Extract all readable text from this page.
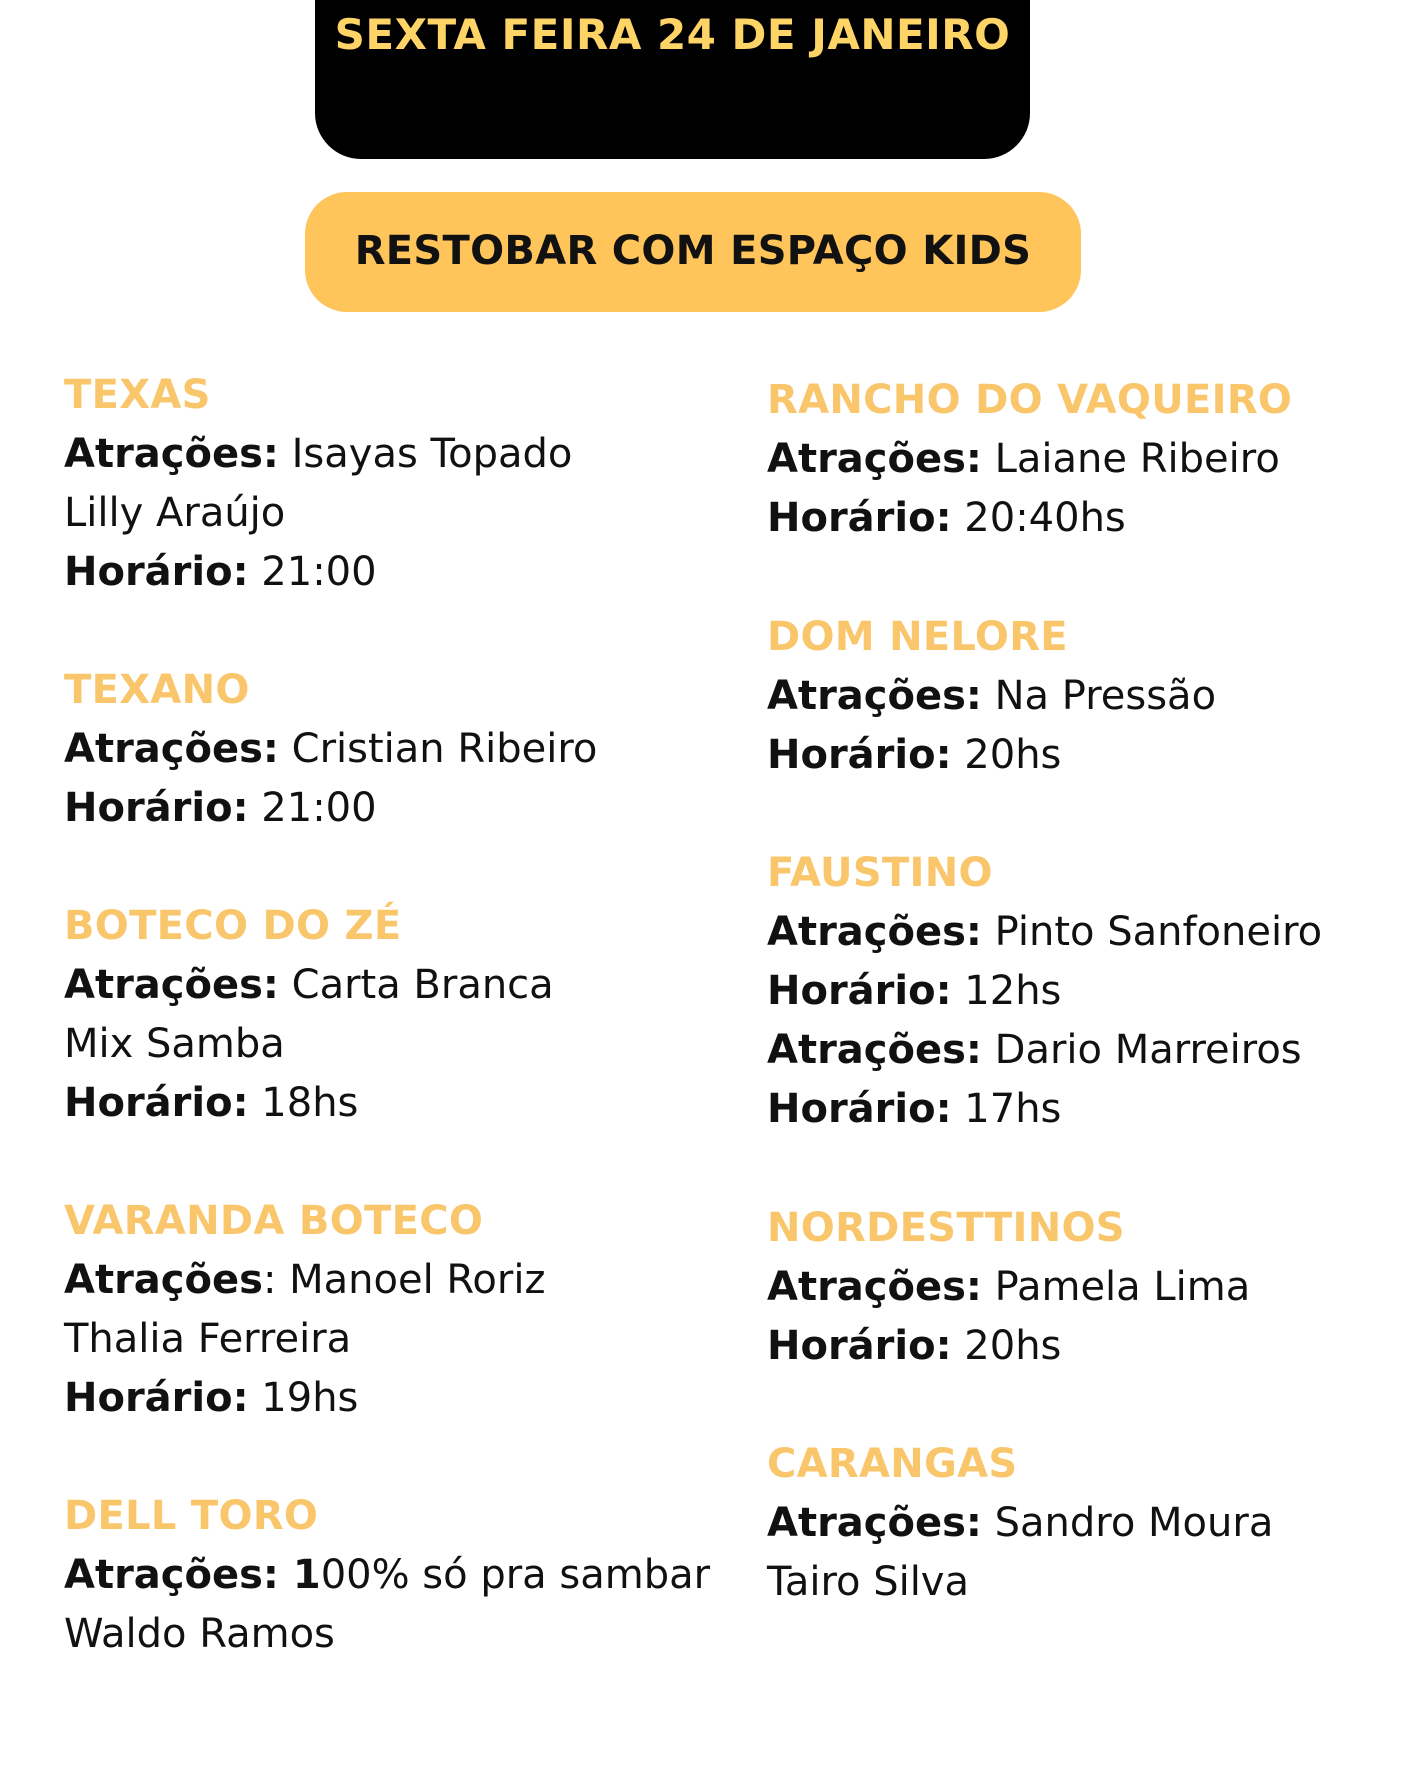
SEXTA FEIRA 24 DE JANEIRO
RESTOBAR COM ESPAÇO KIDS
TEXAS
Atrações: Isayas Topado
Lilly Araújo
Horário: 21:00
TEXANO
Atrações: Cristian Ribeiro
Horário: 21:00
BOTECO DO ZÉ
Atrações: Carta Branca
Mix Samba
Horário: 18hs
VARANDA BOTECO
Atrações: Manoel Roriz
Thalia Ferreira
Horário: 19hs
DELL TORO
Atrações: 100% só pra sambar
Waldo Ramos
RANCHO DO VAQUEIRO
Atrações: Laiane Ribeiro
Horário: 20:40hs
DOM NELORE
Atrações: Na Pressão
Horário: 20hs
FAUSTINO
Atrações: Pinto Sanfoneiro
Horário: 12hs
Atrações: Dario Marreiros
Horário: 17hs
NORDESTTINOS
Atrações: Pamela Lima
Horário: 20hs
CARANGAS
Atrações: Sandro Moura
Tairo Silva
